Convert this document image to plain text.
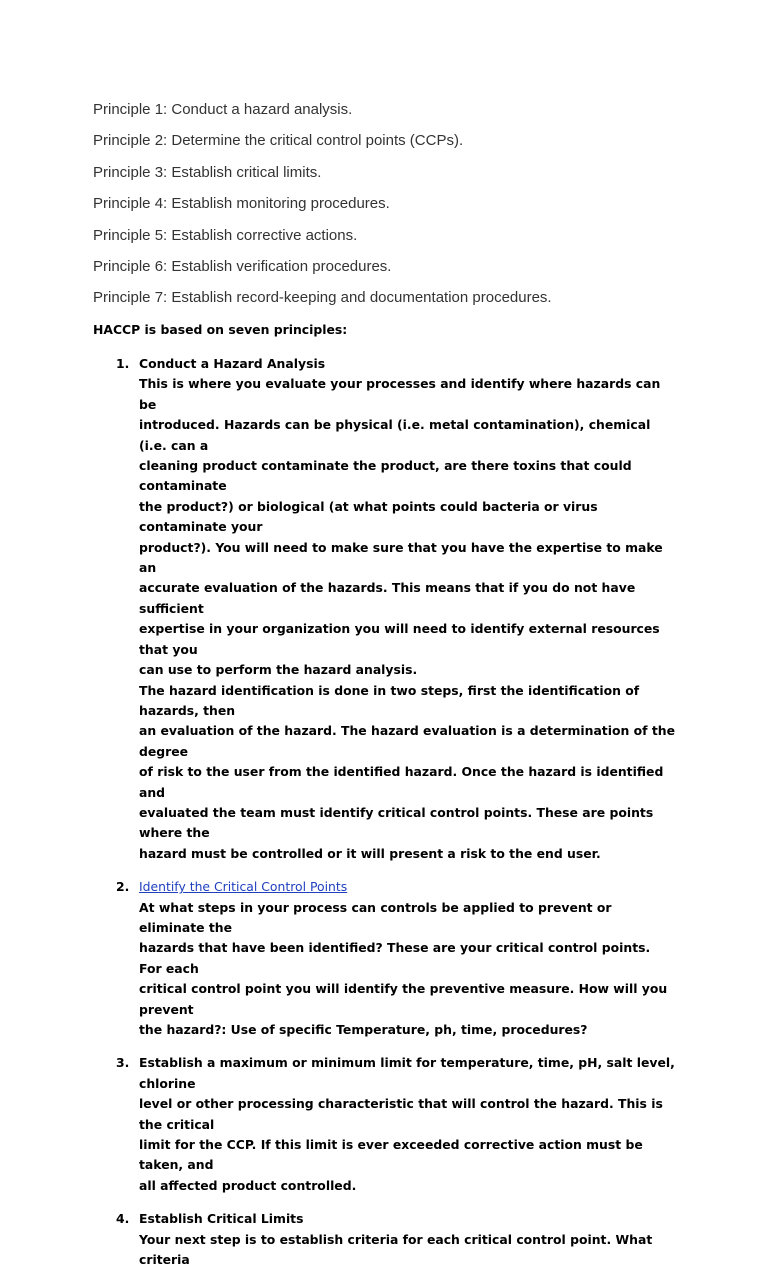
Principle 1: Conduct a hazard analysis.
Principle 2: Determine the critical control points (CCPs).
Principle 3: Establish critical limits.
Principle 4: Establish monitoring procedures.
Principle 5: Establish corrective actions.
Principle 6: Establish verification procedures.
Principle 7: Establish record-keeping and documentation procedures.
HACCP is based on seven principles:
1. Conduct a Hazard Analysis
This is where you evaluate your processes and identify where hazards can be
introduced. Hazards can be physical (i.e. metal contamination), chemical (i.e. can a
cleaning product contaminate the product, are there toxins that could contaminate
the product?) or biological (at what points could bacteria or virus contaminate your
product?). You will need to make sure that you have the expertise to make an
accurate evaluation of the hazards. This means that if you do not have sufficient
expertise in your organization you will need to identify external resources that you
can use to perform the hazard analysis.
The hazard identification is done in two steps, first the identification of hazards, then
an evaluation of the hazard. The hazard evaluation is a determination of the degree
of risk to the user from the identified hazard. Once the hazard is identified and
evaluated the team must identify critical control points. These are points where the
hazard must be controlled or it will present a risk to the end user.
2. Identify the Critical Control Points
At what steps in your process can controls be applied to prevent or eliminate the
hazards that have been identified? These are your critical control points. For each
critical control point you will identify the preventive measure. How will you prevent
the hazard?: Use of specific Temperature, ph, time, procedures?
3. Establish a maximum or minimum limit for temperature, time, pH, salt level, chlorine
level or other processing characteristic that will control the hazard. This is the critical
limit for the CCP. If this limit is ever exceeded corrective action must be taken, and
all affected product controlled.
4. Establish Critical Limits
Your next step is to establish criteria for each critical control point. What criteria
